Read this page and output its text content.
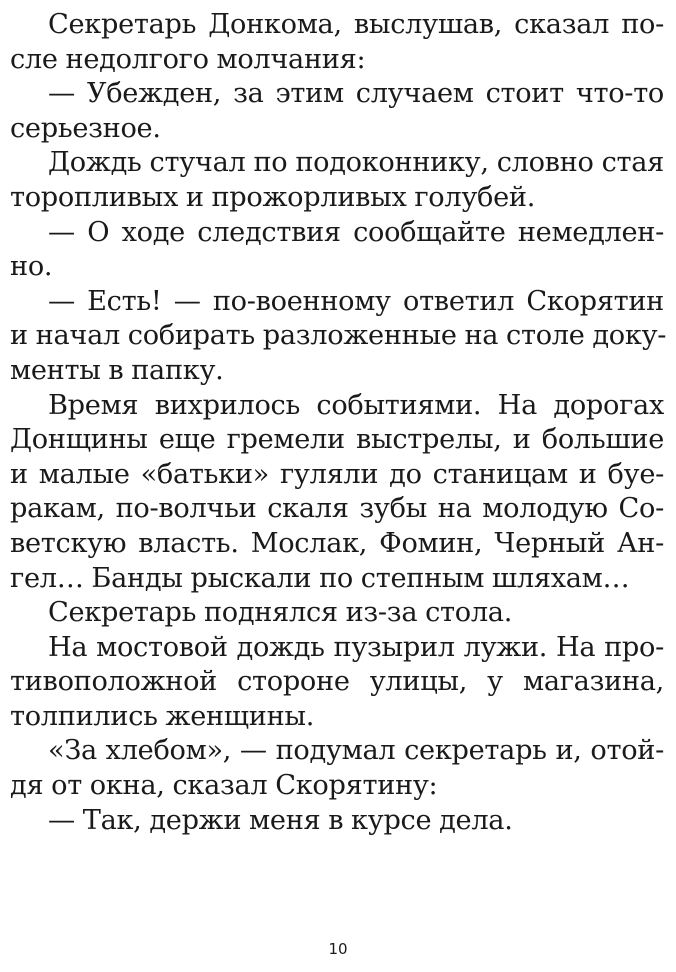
Секретарь Донкома, выслушав, сказал по-
сле недолгого молчания:
— Убежден, за этим случаем стоит что-то
серьезное.
Дождь стучал по подоконнику, словно стая
торопливых и прожорливых голубей.
— О ходе следствия сообщайте немедлен-
но.
— Есть! — по-военному ответил Скорятин
и начал собирать разложенные на столе доку-
менты в папку.
Время вихрилось событиями. На дорогах
Донщины еще гремели выстрелы, и большие
и малые «батьки» гуляли до станицам и буе-
ракам, по-волчьи скаля зубы на молодую Со-
ветскую власть. Мослак, Фомин, Черный Ан-
гел… Банды рыскали по степным шляхам…
Секретарь поднялся из-за стола.
На мостовой дождь пузырил лужи. На про-
тивоположной стороне улицы, у магазина,
толпились женщины.
«За хлебом», — подумал секретарь и, отой-
дя от окна, сказал Скорятину:
— Так, держи меня в курсе дела.
10
